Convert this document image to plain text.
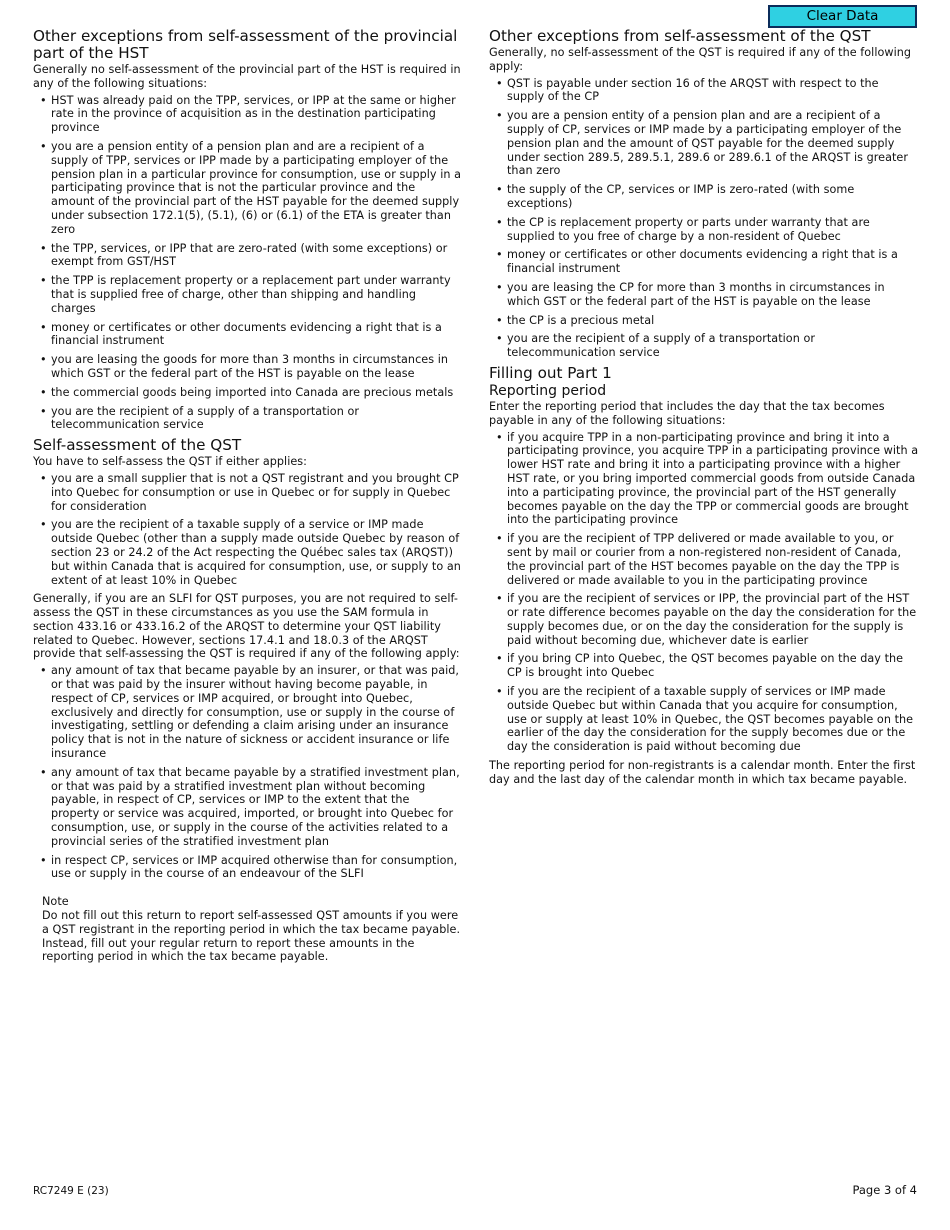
Clear Data
Other exceptions from self-assessment of the provincial part of the HST

Generally no self-assessment of the provincial part of the HST is required in any of the following situations:

• HST was already paid on the TPP, services, or IPP at the same or higher rate in the province of acquisition as in the destination participating province
• you are a pension entity of a pension plan and are a recipient of a supply of TPP, services or IPP made by a participating employer of the pension plan in a particular province for consumption, use or supply in a participating province that is not the particular province and the amount of the provincial part of the HST payable for the deemed supply under subsection 172.1(5), (5.1), (6) or (6.1) of the ETA is greater than zero
• the TPP, services, or IPP that are zero-rated (with some exceptions) or exempt from GST/HST
• the TPP is replacement property or a replacement part under warranty that is supplied free of charge, other than shipping and handling charges
• money or certificates or other documents evidencing a right that is a financial instrument
• you are leasing the goods for more than 3 months in circumstances in which GST or the federal part of the HST is payable on the lease
• the commercial goods being imported into Canada are precious metals
• you are the recipient of a supply of a transportation or telecommunication service
Self-assessment of the QST

You have to self-assess the QST if either applies:

• you are a small supplier that is not a QST registrant and you brought CP into Quebec for consumption or use in Quebec or for supply in Quebec for consideration
• you are the recipient of a taxable supply of a service or IMP made outside Quebec (other than a supply made outside Quebec by reason of section 23 or 24.2 of the Act respecting the Québec sales tax (ARQST)) but within Canada that is acquired for consumption, use, or supply to an extent of at least 10% in Quebec

Generally, if you are an SLFI for QST purposes, you are not required to self-assess the QST in these circumstances as you use the SAM formula in section 433.16 or 433.16.2 of the ARQST to determine your QST liability related to Quebec. However, sections 17.4.1 and 18.0.3 of the ARQST provide that self-assessing the QST is required if any of the following apply:

• any amount of tax that became payable by an insurer, or that was paid, or that was paid by the insurer without having become payable, in respect of CP, services or IMP acquired, or brought into Quebec, exclusively and directly for consumption, use or supply in the course of investigating, settling or defending a claim arising under an insurance policy that is not in the nature of sickness or accident insurance or life insurance
• any amount of tax that became payable by a stratified investment plan, or that was paid by a stratified investment plan without becoming payable, in respect of CP, services or IMP to the extent that the property or service was acquired, imported, or brought into Quebec for consumption, use, or supply in the course of the activities related to a provincial series of the stratified investment plan
• in respect CP, services or IMP acquired otherwise than for consumption, use or supply in the course of an endeavour of the SLFI

Note

Do not fill out this return to report self-assessed QST amounts if you were a QST registrant in the reporting period in which the tax became payable. Instead, fill out your regular return to report these amounts in the reporting period in which the tax became payable.

Other exceptions from self-assessment of the QST

Generally, no self-assessment of the QST is required if any of the following apply:

• QST is payable under section 16 of the ARQST with respect to the supply of the CP
• you are a pension entity of a pension plan and are a recipient of a supply of CP, services or IMP made by a participating employer of the pension plan and the amount of QST payable for the deemed supply under section 289.5, 289.5.1, 289.6 or 289.6.1 of the ARQST is greater than zero
• the supply of the CP, services or IMP is zero-rated (with some exceptions)
• the CP is replacement property or parts under warranty that are supplied to you free of charge by a non-resident of Quebec
• money or certificates or other documents evidencing a right that is a financial instrument
• you are leasing the CP for more than 3 months in circumstances in which GST or the federal part of the HST is payable on the lease
• the CP is a precious metal
• you are the recipient of a supply of a transportation or telecommunication service
Filling out Part 1
Reporting period

Enter the reporting period that includes the day that the tax becomes payable in any of the following situations:

• if you acquire TPP in a non-participating province and bring it into a participating province, you acquire TPP in a participating province with a lower HST rate and bring it into a participating province with a higher HST rate, or you bring imported commercial goods from outside Canada into a participating province, the provincial part of the HST generally becomes payable on the day the TPP or commercial goods are brought into the participating province
• if you are the recipient of TPP delivered or made available to you, or sent by mail or courier from a non-registered non-resident of Canada, the provincial part of the HST becomes payable on the day the TPP is delivered or made available to you in the participating province
• if you are the recipient of services or IPP, the provincial part of the HST or rate difference becomes payable on the day the consideration for the supply becomes due, or on the day the consideration for the supply is paid without becoming due, whichever date is earlier
• if you bring CP into Quebec, the QST becomes payable on the day the CP is brought into Quebec
• if you are the recipient of a taxable supply of services or IMP made outside Quebec but within Canada that you acquire for consumption, use or supply at least 10% in Quebec, the QST becomes payable on the earlier of the day the consideration for the supply becomes due or the day the consideration is paid without becoming due

The reporting period for non-registrants is a calendar month. Enter the first day and the last day of the calendar month in which tax became payable.

RC7249 E (23)	Page 3 of 4
